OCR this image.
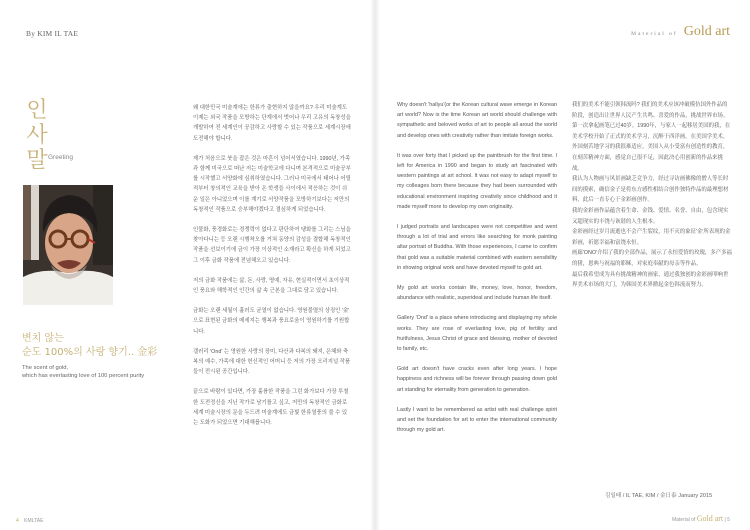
By KIM IL TAE
인
사
말 Greeting
변치 않는
순도 100%의 사랑 향기.. 金彩
The scent of gold,
which has everlasting love of 100 percent purity

왜 대한민국 미술계에는 한류가 출현하지 않을까요? 우리 미술계도 이제는 외국 작품을 모방하는 단계에서 벗어나 우리 고유의 독창성을 개발하여 전 세계인이 공감하고 사랑할 수 있는 작품으로 세계시장에 도전해야 합니다.

제가 처음으로 붓을 잡은 것은 마흔이 넘어서였습니다. 1990년, 가족과 함께 미국으로 떠난 저는 미술학교에 다니며 본격적으로 미술공부를 시작했고 서양화에 심취하였습니다. 그러나 미국에서 태어나 어릴적부터 창의적인 교육을 받아 온 학생들 사이에서 적응하는 것이 쉬운 일은 아니었으며 이를 계기로 서양작품을 모방하기보다는 저만의 독창적인 작품으로 승부해야겠다고 결심하게 되었습니다.

인물화, 풍경화로는 경쟁력이 없다고 판단하여 탱화를 그리는 스님을 찾아다니는 등 오랜 시행착오를 거쳐 동양의 감성을 결합해 독창적인 작품을 선보이기에 금이 가장 이상적인 소재라고 확신을 하게 되었고 그 이후 금화 작품에 전념해오고 있습니다.

저의 금화 작품에는 삶, 돈, 사랑, 명예, 자유, 현실적이면서 초이상적인 풍요와 해학적인 인간의 삶 속 근본을 그대로 담고 있습니다.

금화는 오랜 세월이 흘러도 균열이 없습니다. 영원불멸의 상징인 '金' 으로 표현된 금화의 메세지는 행복과 풍요로움이 영원하기를 기원합니다.

갤러리 'Ond' 는 영원한 사랑의 장미, 다산과 다복의 돼지, 은혜와 축복의 예수, 가족에 대한 헌신적인 어머니 등 저의 가장 오리지널 작품들이 전시된 공간입니다.

끝으로 바람이 있다면, 가장 훌륭한 작품을 그린 화가보다 가장 투철한 도전정신을 지닌 작가로 남기를고 싶고, 저만의 독창적인 금화로 세계 미술시장의 문을 두드려 미술계에도 금빛 한류열풍의 불 수 있는 도화가 되었으면 기대해봅니다.

4 KMLTAE
Material of Gold art

Why doesn't 'hallyu'(or the Korean cultural wave emerge in Korean art world? Now is the time Korean art world should challenge with sympathetic and beloved works of art to people all aroud the world and develop ones with creativity rather than imitate foreign works.

It was over forty that I picked up the paintbrush for the first time. I left for America in 1990 and began to study art fascinated with western paintings at art school. It was not easy to adapt myself to my colleages born there because they had been surrounded with educational environment inspiring creativity since childhood and it made myself more to develop my own originality.

I judged portraits and landscapes were not competitive and went through a lot of trial and errors like searching for monk painting altar portrait of Buddha. With those experiences, I came to confirm that gold was a suitable material combined with eastern sensibility in showing original work and have devoted myself to gold art.

My gold art works contain life, money, love, honor, freedom, abundance with realistic, superideal and include human life itself.

Gallery 'Ond' is a place where introducing and displaying my whole works. They are rose of everlasting love, pig of fertility and fruitfulness, Jesus Christ of grace and blessing, mother of devoted to family, etc.

Gold art doesn't have cracks even after long years. I hope happiness and richness will be forever through passing down gold art standing for eternality from generation to generation.

Lastly I want to be remembered as artist with real challenge spirit and set the foundation for art to enter the international community through my gold art.

我们的美术不能引领韩流吗? 我们的美术应该冲破模仿国外作品的阶段，创造出让世界人民产生共鸣、喜爱的作品，挑战世界市场。

第一次拿起画笔已过40岁。1990年，与家人一起移居美国的我，在美术学校开始了正式的美术学习，沉醉于西洋画。在美国学美术，外国刻苦地学习的我很难适应，美国人从小受富有创造性的教育，在刻苦精神方面，感觉自己很不足，因此决心用创新的作品来挑战。

我认为人物画与风景画缺乏竞争力，经过寻访画佛像的僧人等长时间的摸索，确信金子是将东方感性相结合创作独特作品的最理想材料，此后一直专心于金彩画创作。

我的金彩画作品蕴含着生命、金钱、爱情、名誉、自由，包含现实又超现实的丰饶与诙谐的人生根本。

金彩画经过岁月流逝也不会产生裂纹，用不灭的象征'金'所表现的金彩画，祈愿幸福和富饶永恒。

画廊'ONO'介绍了我的全部作品，展示了永恒爱情的玫瑰，多产多福的猪，恩典与祝福的耶稣，对家庭奉献的母亲等作品。

最后我希望成为具有挑战精神的画家，通过我独创的金彩画叩响世界美术市场的大门，为韩国美术界掀起金色韩流而努力。

김일태 / IL TAE, KIM / 金日泰 January 2015
Material of Gold art | 5
